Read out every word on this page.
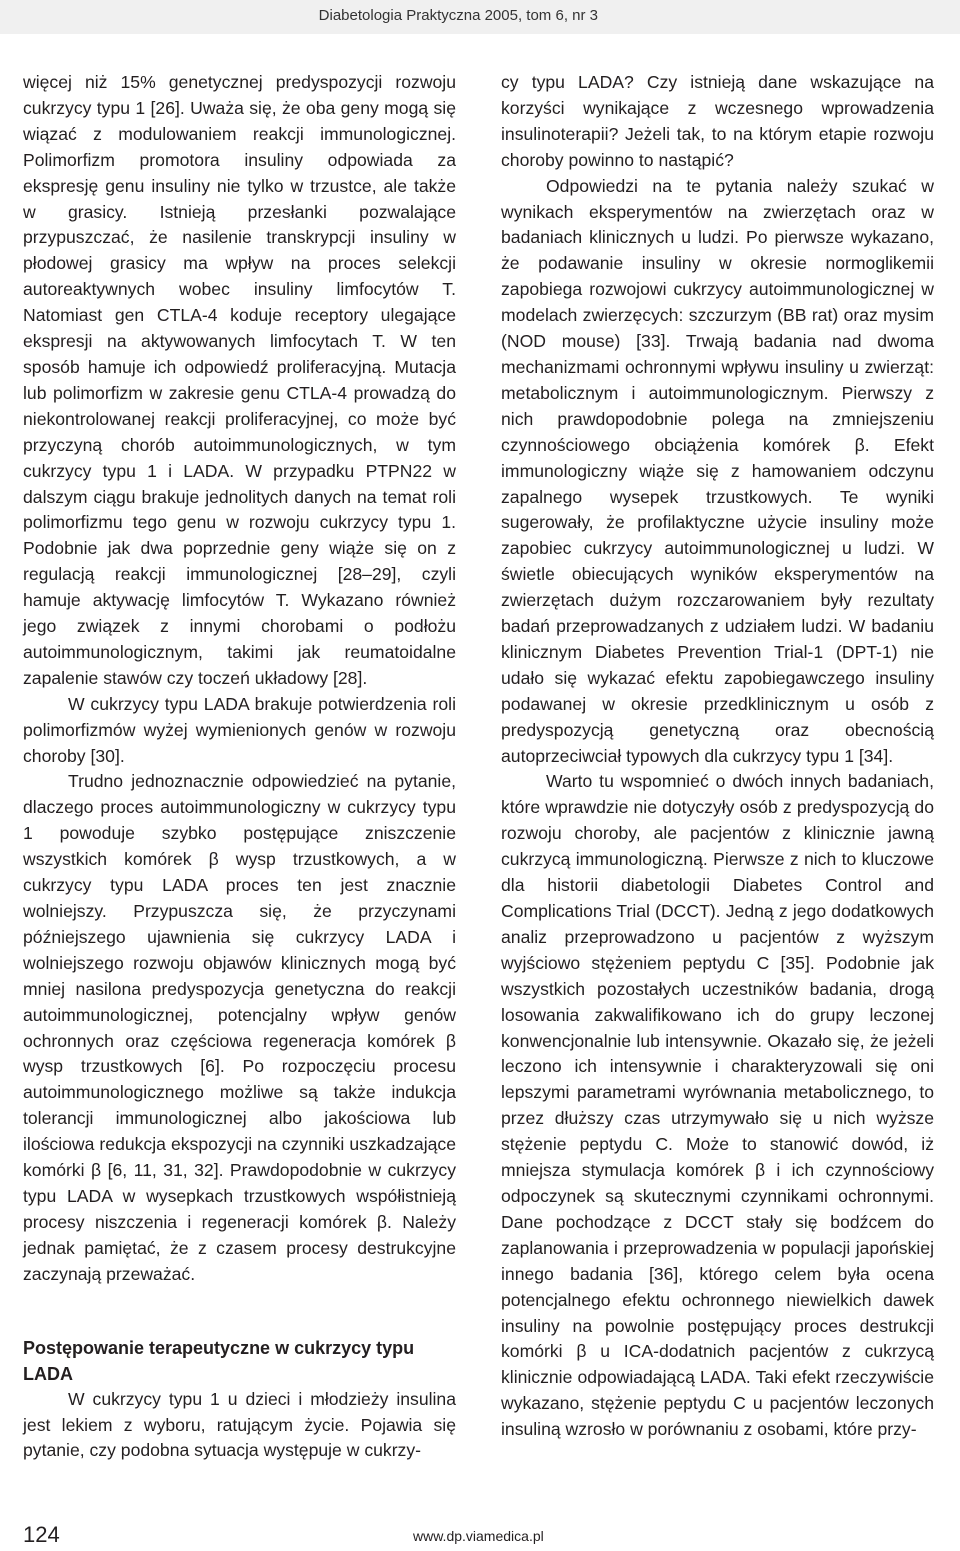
Diabetologia Praktyczna 2005, tom 6, nr 3

więcej niż 15% genetycznej predyspozycji rozwoju cukrzycy typu 1 [26]. Uważa się, że oba geny mogą się wiązać z modulowaniem reakcji immunologicznej. Polimorfizm promotora insuliny odpowiada za ekspresję genu insuliny nie tylko w trzustce, ale także w grasicy. Istnieją przesłanki pozwalające przypuszczać, że nasilenie transkrypcji insuliny w płodowej grasicy ma wpływ na proces selekcji autoreaktywnych wobec insuliny limfocytów T. Natomiast gen CTLA-4 koduje receptory ulegające ekspresji na aktywowanych limfocytach T. W ten sposób hamuje ich odpowiedź proliferacyjną. Mutacja lub polimorfizm w zakresie genu CTLA-4 prowadzą do niekontrolowanej reakcji proliferacyjnej, co może być przyczyną chorób autoimmunologicznych, w tym cukrzycy typu 1 i LADA. W przypadku PTPN22 w dalszym ciągu brakuje jednolitych danych na temat roli polimorfizmu tego genu w rozwoju cukrzycy typu 1. Podobnie jak dwa poprzednie geny wiąże się on z regulacją reakcji immunologicznej [28–29], czyli hamuje aktywację limfocytów T. Wykazano również jego związek z innymi chorobami o podłożu autoimmunologicznym, takimi jak reumatoidalne zapalenie stawów czy toczeń układowy [28].

W cukrzycy typu LADA brakuje potwierdzenia roli polimorfizmów wyżej wymienionych genów w rozwoju choroby [30].

Trudno jednoznacznie odpowiedzieć na pytanie, dlaczego proces autoimmunologiczny w cukrzycy typu 1 powoduje szybko postępujące zniszczenie wszystkich komórek β wysp trzustkowych, a w cukrzycy typu LADA proces ten jest znacznie wolniejszy. Przypuszcza się, że przyczynami późniejszego ujawnienia się cukrzycy LADA i wolniejszego rozwoju objawów klinicznych mogą być mniej nasilona predyspozycja genetyczna do reakcji autoimmunologicznej, potencjalny wpływ genów ochronnych oraz częściowa regeneracja komórek β wysp trzustkowych [6]. Po rozpoczęciu procesu autoimmunologicznego możliwe są także indukcja tolerancji immunologicznej albo jakościowa lub ilościowa redukcja ekspozycji na czynniki uszkadzające komórki β [6, 11, 31, 32]. Prawdopodobnie w cukrzycy typu LADA w wysepkach trzustkowych współistnieją procesy niszczenia i regeneracji komórek β. Należy jednak pamiętać, że z czasem procesy destrukcyjne zaczynają przeważać.

Postępowanie terapeutyczne w cukrzycy typu LADA

W cukrzycy typu 1 u dzieci i młodzieży insulina jest lekiem z wyboru, ratującym życie. Pojawia się pytanie, czy podobna sytuacja występuje w cukrzy-

cy typu LADA? Czy istnieją dane wskazujące na korzyści wynikające z wczesnego wprowadzenia insulinoterapii? Jeżeli tak, to na którym etapie rozwoju choroby powinno to nastąpić?

Odpowiedzi na te pytania należy szukać w wynikach eksperymentów na zwierzętach oraz w badaniach klinicznych u ludzi. Po pierwsze wykazano, że podawanie insuliny w okresie normoglikemii zapobiega rozwojowi cukrzycy autoimmunologicznej w modelach zwierzęcych: szczurzym (BB rat) oraz mysim (NOD mouse) [33]. Trwają badania nad dwoma mechanizmami ochronnymi wpływu insuliny u zwierząt: metabolicznym i autoimmunologicznym. Pierwszy z nich prawdopodobnie polega na zmniejszeniu czynnościowego obciążenia komórek β. Efekt immunologiczny wiąże się z hamowaniem odczynu zapalnego wysepek trzustkowych. Te wyniki sugerowały, że profilaktyczne użycie insuliny może zapobiec cukrzycy autoimmunologicznej u ludzi. W świetle obiecujących wyników eksperymentów na zwierzętach dużym rozczarowaniem były rezultaty badań przeprowadzanych z udziałem ludzi. W badaniu klinicznym Diabetes Prevention Trial-1 (DPT-1) nie udało się wykazać efektu zapobiegawczego insuliny podawanej w okresie przedklinicznym u osób z predyspozycją genetyczną oraz obecnością autoprzeciwciał typowych dla cukrzycy typu 1 [34].

Warto tu wspomnieć o dwóch innych badaniach, które wprawdzie nie dotyczyły osób z predyspozycją do rozwoju choroby, ale pacjentów z klinicznie jawną cukrzycą immunologiczną. Pierwsze z nich to kluczowe dla historii diabetologii Diabetes Control and Complications Trial (DCCT). Jedną z jego dodatkowych analiz przeprowadzono u pacjentów z wyższym wyjściowo stężeniem peptydu C [35]. Podobnie jak wszystkich pozostałych uczestników badania, drogą losowania zakwalifikowano ich do grupy leczonej konwencjonalnie lub intensywnie. Okazało się, że jeżeli leczono ich intensywnie i charakteryzowali się oni lepszymi parametrami wyrównania metabolicznego, to przez dłuższy czas utrzymywało się u nich wyższe stężenie peptydu C. Może to stanowić dowód, iż mniejsza stymulacja komórek β i ich czynnościowy odpoczynek są skutecznymi czynnikami ochronnymi. Dane pochodzące z DCCT stały się bodźcem do zaplanowania i przeprowadzenia w populacji japońskiej innego badania [36], którego celem była ocena potencjalnego efektu ochronnego niewielkich dawek insuliny na powolnie postępujący proces destrukcji komórki β u ICA-dodatnich pacjentów z cukrzycą klinicznie odpowiadającą LADA. Taki efekt rzeczywiście wykazano, stężenie peptydu C u pacjentów leczonych insuliną wzrosło w porównaniu z osobami, które przy-

124	www.dp.viamedica.pl
